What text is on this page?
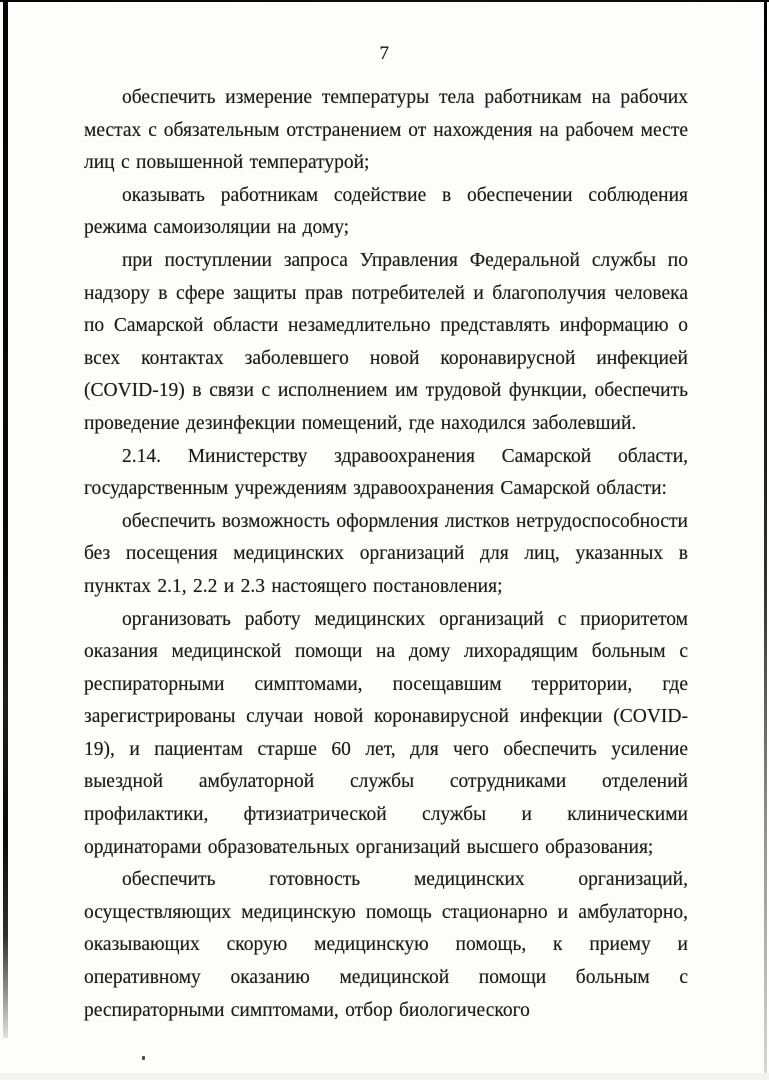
7

обеспечить измерение температуры тела работникам на рабочих местах с обязательным отстранением от нахождения на рабочем месте лиц с повышенной температурой;

оказывать работникам содействие в обеспечении соблюдения режима самоизоляции на дому;

при поступлении запроса Управления Федеральной службы по надзору в сфере защиты прав потребителей и благополучия человека по Самарской области незамедлительно представлять информацию о всех контактах заболевшего новой коронавирусной инфекцией (COVID-19) в связи с исполнением им трудовой функции, обеспечить проведение дезинфекции помещений, где находился заболевший.

2.14. Министерству здравоохранения Самарской области, государственным учреждениям здравоохранения Самарской области:

обеспечить возможность оформления листков нетрудоспособности без посещения медицинских организаций для лиц, указанных в пунктах 2.1, 2.2 и 2.3 настоящего постановления;

организовать работу медицинских организаций с приоритетом оказания медицинской помощи на дому лихорадящим больным с респираторными симптомами, посещавшим территории, где зарегистрированы случаи новой коронавирусной инфекции (COVID-19), и пациентам старше 60 лет, для чего обеспечить усиление выездной амбулаторной службы сотрудниками отделений профилактики, фтизиатрической службы и клиническими ординаторами образовательных организаций высшего образования;

обеспечить готовность медицинских организаций, осуществляющих медицинскую помощь стационарно и амбулаторно, оказывающих скорую медицинскую помощь, к приему и оперативному оказанию медицинской помощи больным с респираторными симптомами, отбор биологического
